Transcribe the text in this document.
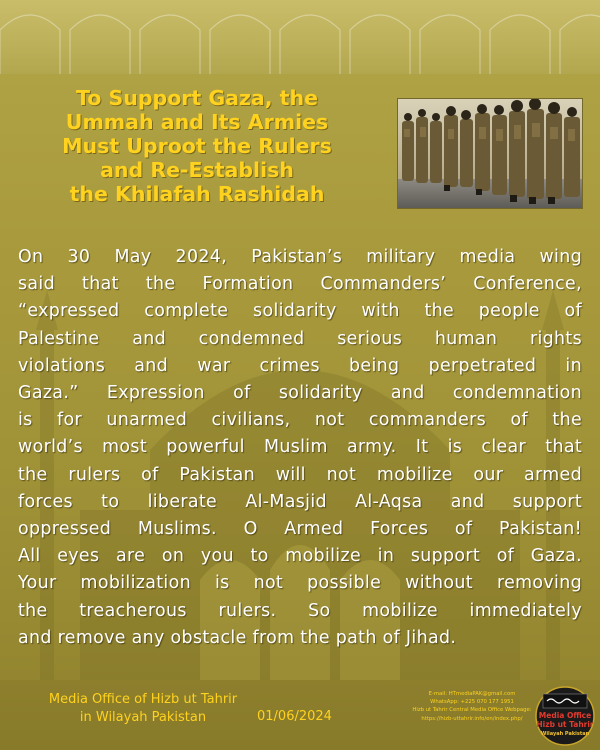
To Support Gaza, the
Ummah and Its Armies
Must Uproot the Rulers
and Re-Establish
the Khilafah Rashidah
On 30 May 2024, Pakistan’s military media wing
said that the Formation Commanders’ Conference,
“expressed complete solidarity with the people of
Palestine and condemned serious human rights
violations and war crimes being perpetrated in
Gaza.” Expression of solidarity and condemnation
is for unarmed civilians, not commanders of the
world’s most powerful Muslim army. It is clear that
the rulers of Pakistan will not mobilize our armed
forces to liberate Al-Masjid Al-Aqsa and support
oppressed Muslims. O Armed Forces of Pakistan!
All eyes are on you to mobilize in support of Gaza.
Your mobilization is not possible without removing
the treacherous rulers. So mobilize immediately
and remove any obstacle from the path of Jihad.
Media Office of Hizb ut Tahrir
in Wilayah Pakistan	01/06/2024
E-mail: HTmediaPAK@gmail.com
WhatsApp: +225 070 177 1951
Hizb ut Tahrir Central Media Office Webpage:
https://hizb-uttahrir.info/en/index.php/	Media Office
Hizb ut Tahrir
Wilayah Pakistan
